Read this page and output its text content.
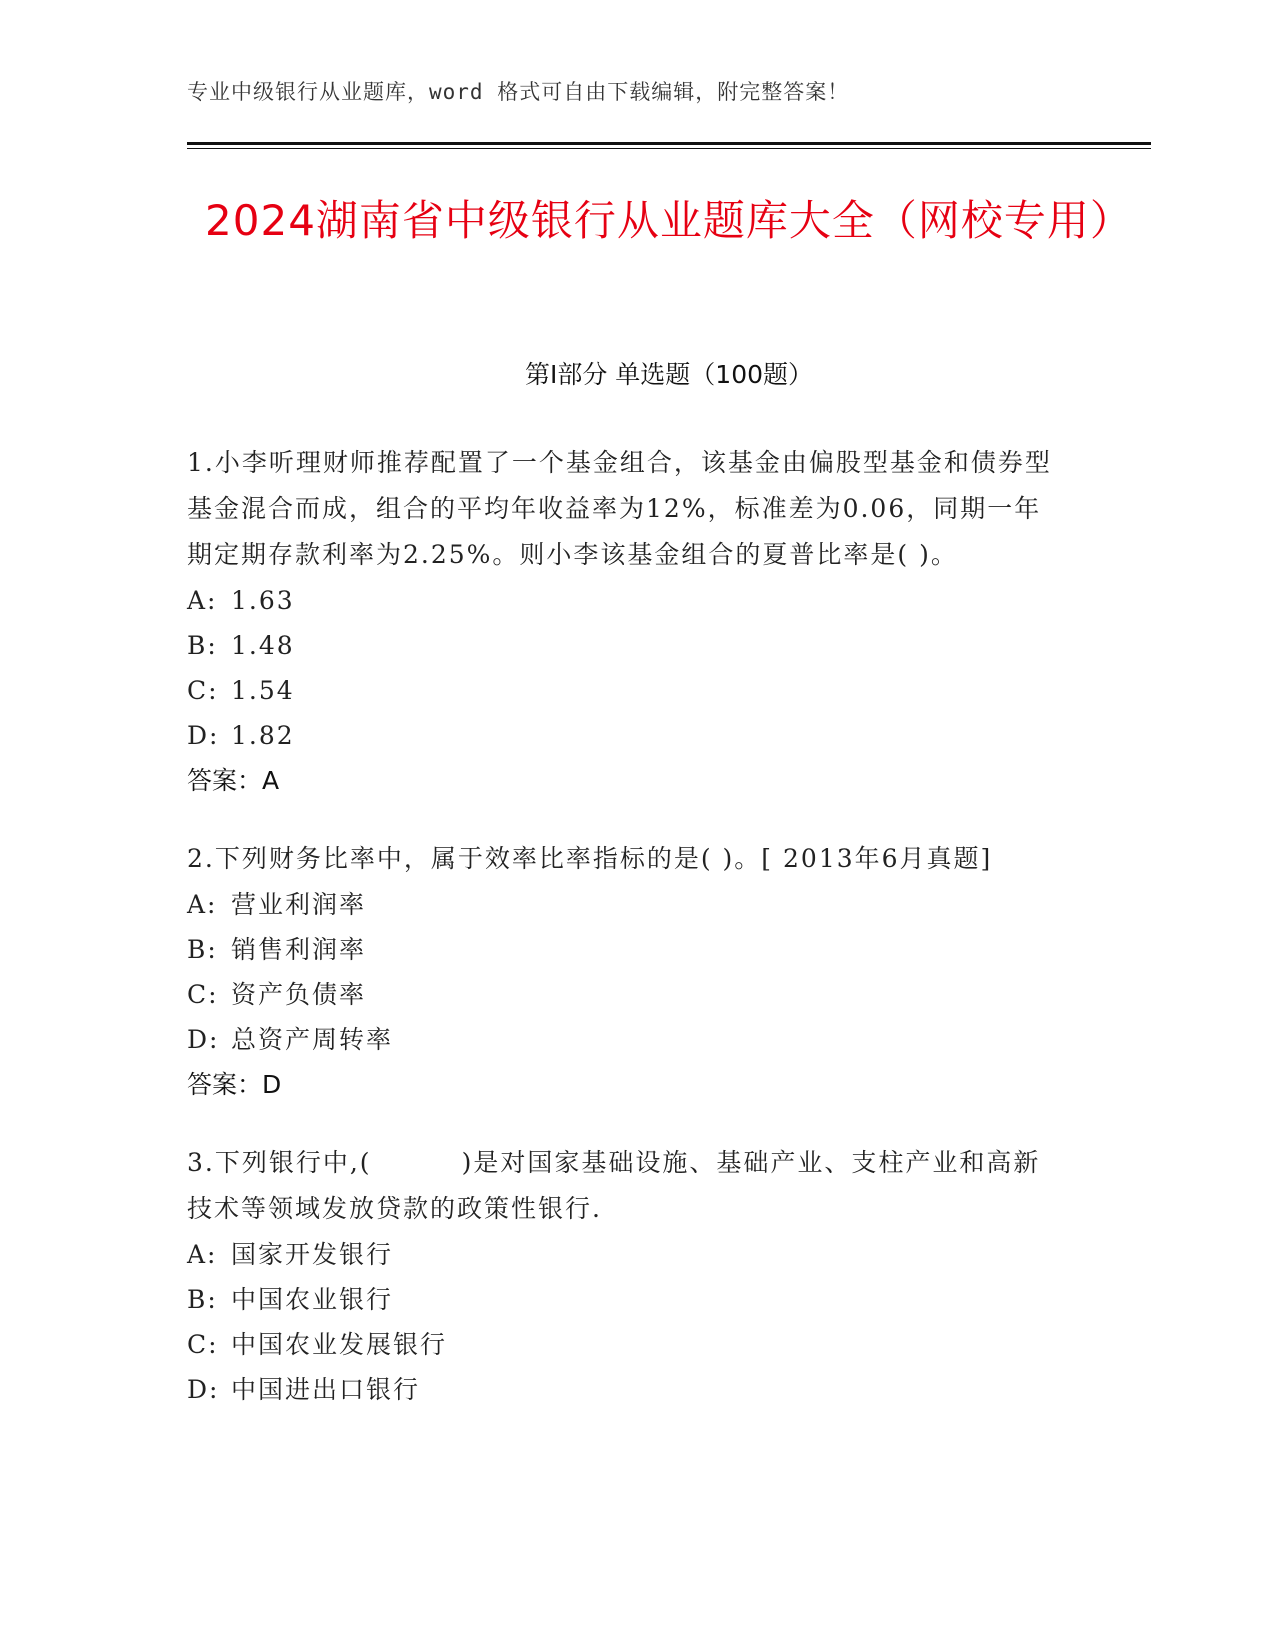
专业中级银行从业题库，word 格式可自由下载编辑，附完整答案！
2024湖南省中级银行从业题库大全（网校专用）
第Ⅰ部分 单选题（100题）
1.小李听理财师推荐配置了一个基金组合，该基金由偏股型基金和债券型基金混合而成，组合的平均年收益率为12%，标准差为0.06，同期一年期定期存款利率为2.25%。则小李该基金组合的夏普比率是( )。
A: 1.63
B: 1.48
C: 1.54
D: 1.82
答案：A
2.下列财务比率中，属于效率比率指标的是( )。[ 2013年6月真题]
A: 营业利润率
B: 销售利润率
C: 资产负债率
D: 总资产周转率
答案：D
3.下列银行中,(	)是对国家基础设施、基础产业、支柱产业和高新技术等领域发放贷款的政策性银行.
A: 国家开发银行
B: 中国农业银行
C: 中国农业发展银行
D: 中国进出口银行
